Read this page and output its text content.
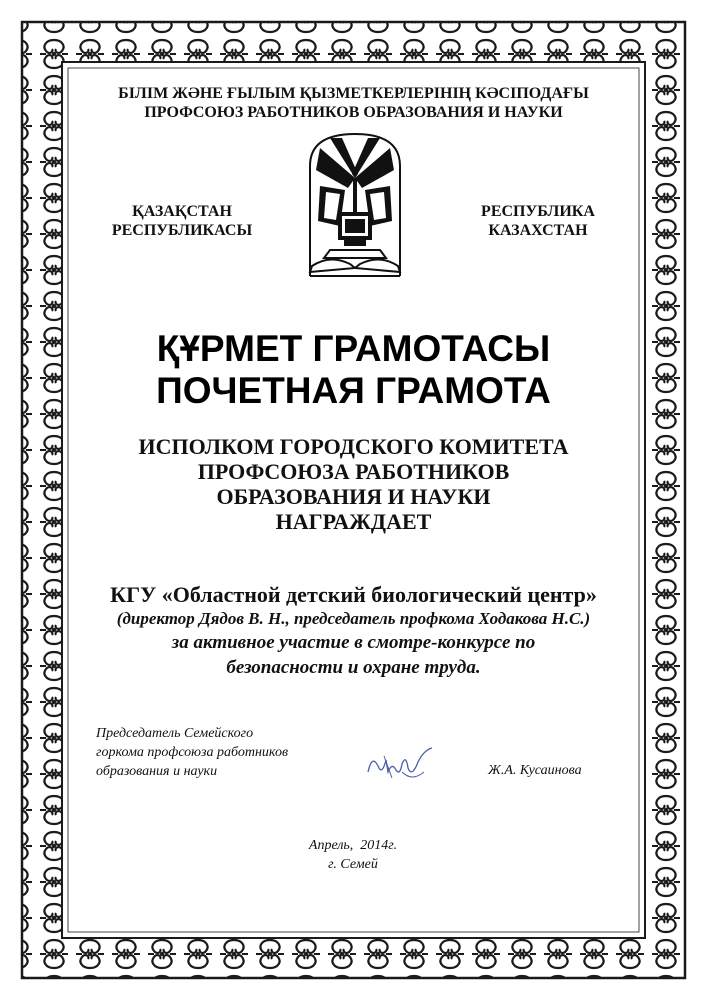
БІЛІМ ЖӘНЕ ҒЫЛЫМ ҚЫЗМЕТКЕРЛЕРІНІҢ КӘСІПОДАҒЫ
ПРОФСОЮЗ РАБОТНИКОВ ОБРАЗОВАНИЯ И НАУКИ
ҚАЗАҚСТАН
РЕСПУБЛИКАСЫ
РЕСПУБЛИКА
КАЗАХСТАН
ҚҰРМЕТ ГРАМОТАСЫ
ПОЧЕТНАЯ ГРАМОТА
ИСПОЛКОМ ГОРОДСКОГО КОМИТЕТА
ПРОФСОЮЗА РАБОТНИКОВ
ОБРАЗОВАНИЯ И НАУКИ
НАГРАЖДАЕТ
КГУ «Областной детский биологический центр»
(директор Дядов В. Н., председатель профкома Ходакова Н.С.)
за активное участие в смотре-конкурсе по
безопасности и охране труда.
Председатель Семейского
горкома профсоюза работников
образования и науки	Ж.А. Кусаинова
Апрель,  2014г.
г. Семей
